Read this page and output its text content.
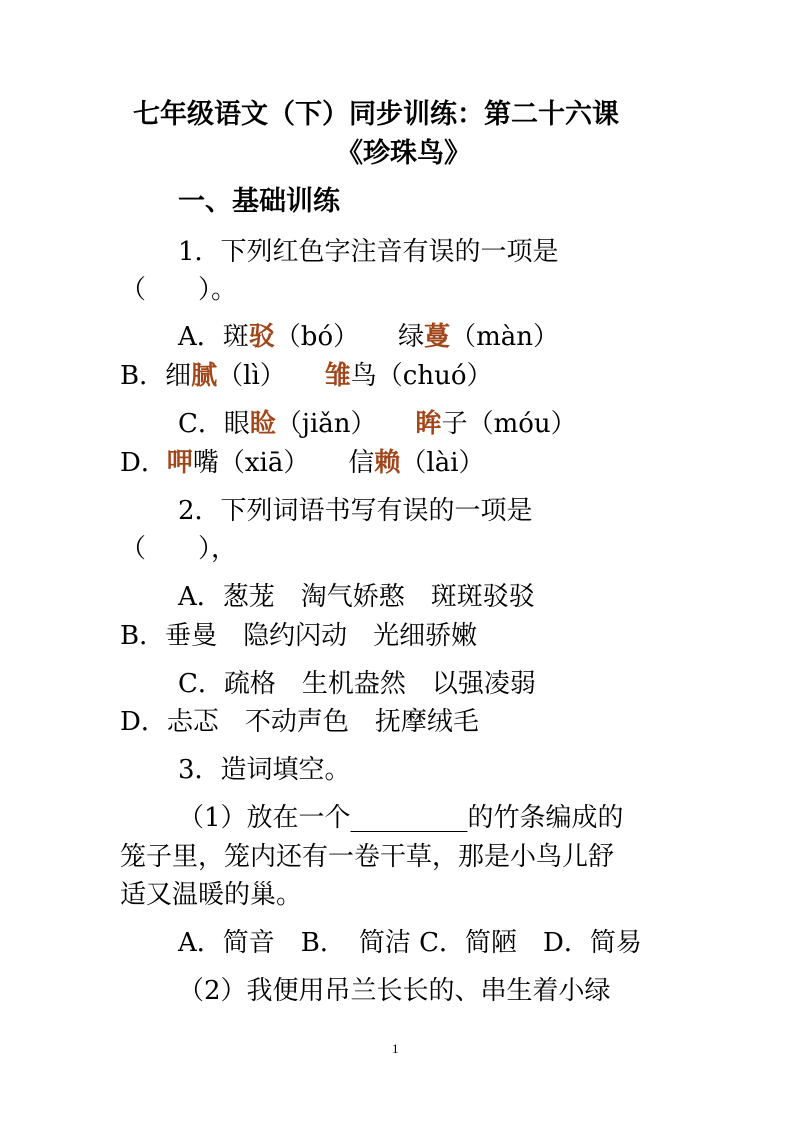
七年级语文（下）同步训练：第二十六课
《珍珠鸟》
一、基础训练
1．下列红色字注音有误的一项是
（　　）。
A．斑驳（bó）　　绿蔓（màn）
B．细腻（lì）　　雏鸟（chuó）
C．眼睑（jiǎn）　　眸子（móu）
D．呷嘴（xiā）　　信赖（lài）
2．下列词语书写有误的一项是
（　　），
A．葱茏　淘气娇憨　斑斑驳驳
B．垂曼　隐约闪动　光细骄嫩
C．疏格　生机盎然　以强凌弱
D．忐忑　不动声色　抚摩绒毛
3．造词填空。
（1）放在一个_________的竹条编成的
笼子里，笼内还有一卷干草，那是小鸟儿舒
适又温暖的巢。
A．简音　B．　简洁 C．简陋　D．简易
（2）我便用吊兰长长的、串生着小绿
1
